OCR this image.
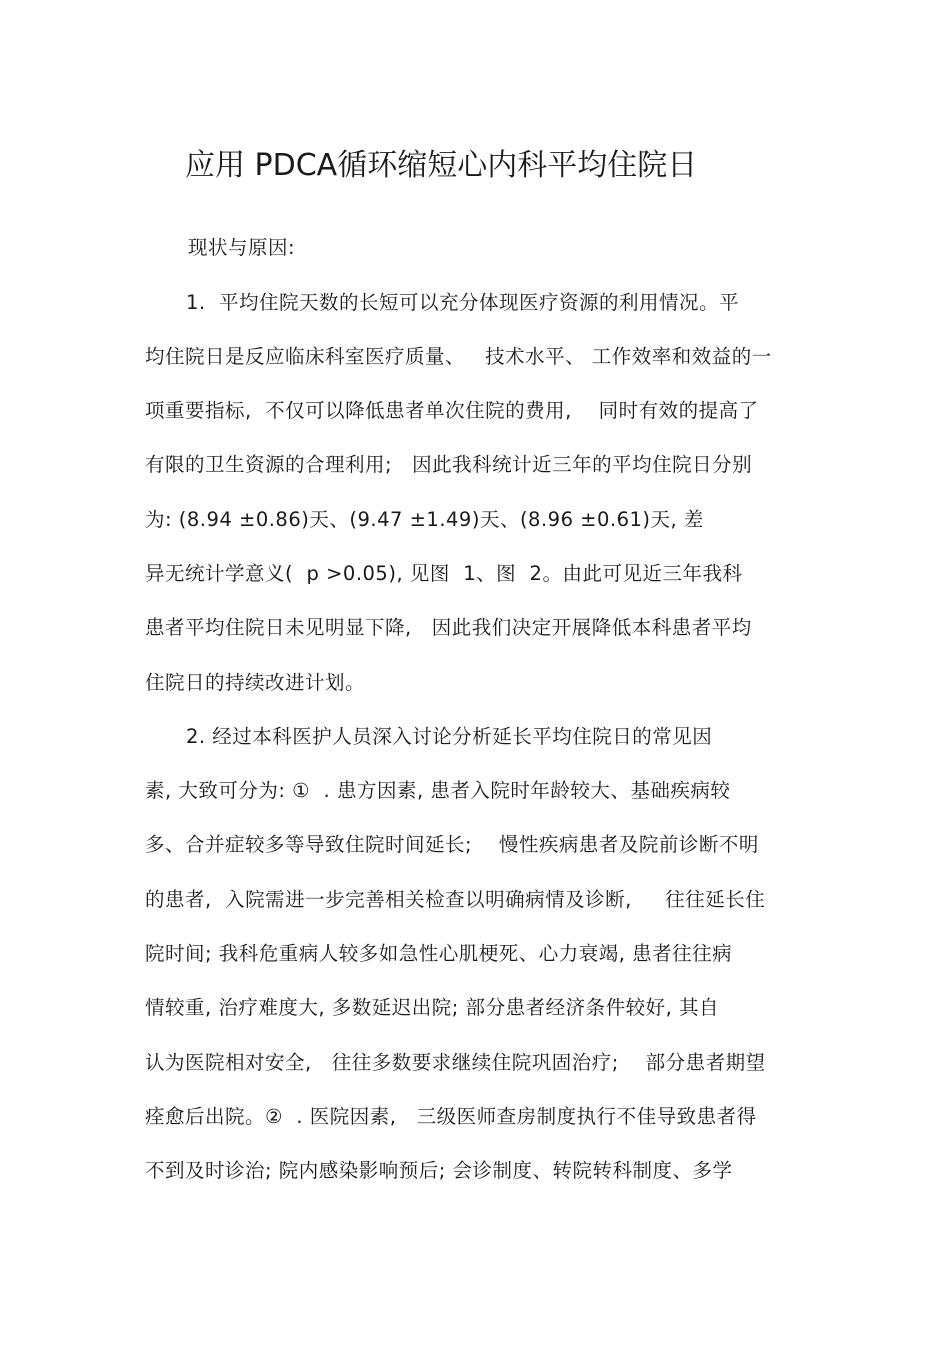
应用 PDCA循环缩短心内科平均住院日
现状与原因:
1.  平均住院天数的长短可以充分体现医疗资源的利用情况。平
均住院日是反应临床科室医疗质量、   技术水平、 工作效率和效益的一
项重要指标,  不仅可以降低患者单次住院的费用,    同时有效的提高了
有限的卫生资源的合理利用;   因此我科统计近三年的平均住院日分别
为: (8.94 ±0.86)天、(9.47 ±1.49)天、(8.96 ±0.61)天, 差
异无统计学意义(  p >0.05), 见图  1、图  2。由此可见近三年我科
患者平均住院日未见明显下降,   因此我们决定开展降低本科患者平均
住院日的持续改进计划。
2. 经过本科医护人员深入讨论分析延长平均住院日的常见因
素, 大致可分为: ①  . 患方因素, 患者入院时年龄较大、基础疾病较
多、合并症较多等导致住院时间延长;    慢性疾病患者及院前诊断不明
的患者,  入院需进一步完善相关检查以明确病情及诊断,     往往延长住
院时间; 我科危重病人较多如急性心肌梗死、心力衰竭, 患者往往病
情较重, 治疗难度大, 多数延迟出院; 部分患者经济条件较好, 其自
认为医院相对安全,   往往多数要求继续住院巩固治疗;    部分患者期望
痊愈后出院。②  . 医院因素,   三级医师查房制度执行不佳导致患者得
不到及时诊治; 院内感染影响预后; 会诊制度、转院转科制度、多学
